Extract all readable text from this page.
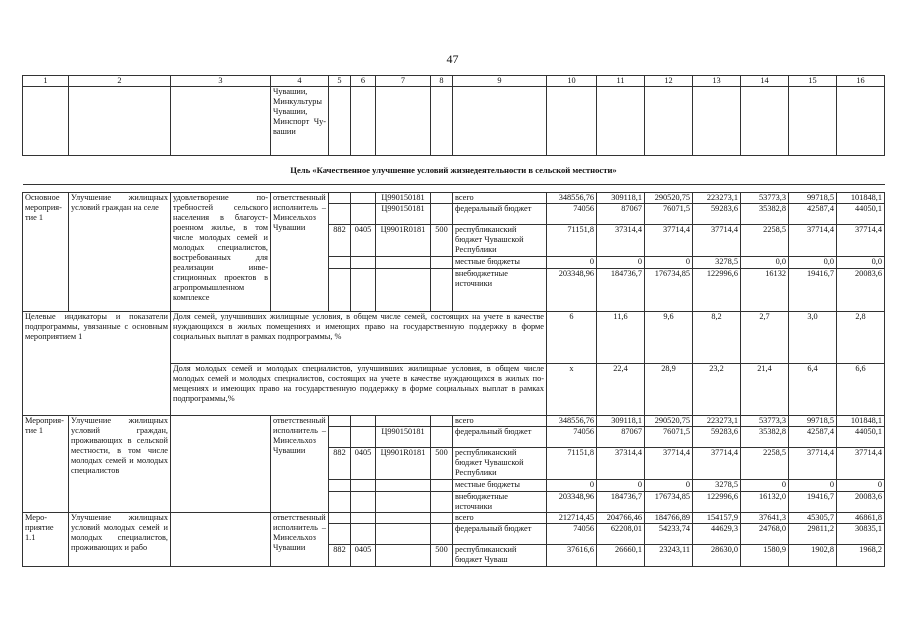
47
1	2	3	4	5	6	7	8	9	10	11	12	13	14	15	16
			Чувашии, Минкультуры Чувашии, Минспорт Чувашии												
Цель «Качественное улучшение условий жизнедеятельности в сельской местности»															

Основное мероприятие 1	Улучшение жилищных условий граждан на селе	удовлетворение потребностей сельского населения в благоустроенном жилье, в том числе молодых семей и молодых специалистов, востребованных для реализации инвестиционных проектов в агропромышленном комплексе	ответственный исполнитель – Минсельхоз Чувашии			Ц990150181		всего	348556,76	309118,1	290520,75	223273,1	53773,3	99718,5	101848,1
						Ц990150181		федеральный бюджет	74056	87067	76071,5	59283,6	35382,8	42587,4	44050,1
				882	0405	Ц9901R0181	500	республиканский бюджет Чувашской Республики	71151,8	37314,4	37714,4	37714,4	2258,5	37714,4	37714,4
								местные бюджеты	0	0	0	3278,5	0,0	0,0	0,0
								внебюджетные источники	203348,96	184736,7	176734,85	122996,6	16132	19416,7	20083,6
Целевые индикаторы и показатели подпрограммы, увязанные с основным мероприятием 1		Доля семей, улучшивших жилищные условия, в общем числе семей, состоящих на учете в качестве нуждающихся в жилых помещениях и имеющих право на государственную поддержку в форме социальных выплат в рамках подпрограммы, %							6	11,6	9,6	8,2	2,7	3,0	2,8
		Доля молодых семей и молодых специалистов, улучшивших жилищные условия, в общем числе молодых семей и молодых специалистов, состоящих на учете в качестве нуждающихся в жилых помещениях и имеющих право на государственную поддержку в форме социальных выплат в рамках подпрограммы,%							x	22,4	28,9	23,2	21,4	6,4	6,6
Мероприятие 1	Улучшение жилищных условий граждан, проживающих в сельской местности, в том числе молодых семей и молодых специалистов		ответственный исполнитель – Минсельхоз Чувашии					всего	348556,76	309118,1	290520,75	223273,1	53773,3	99718,5	101848,1
						Ц990150181		федеральный бюджет	74056	87067	76071,5	59283,6	35382,8	42587,4	44050,1
				882	0405	Ц9901R0181	500	республиканский бюджет Чувашской Республики	71151,8	37314,4	37714,4	37714,4	2258,5	37714,4	37714,4
								местные бюджеты	0	0	0	3278,5	0	0	0
								внебюджетные источники	203348,96	184736,7	176734,85	122996,6	16132,0	19416,7	20083,6
Мероприятие 1.1	Улучшение жилищных условий молодых семей и молодых специалистов, проживающих и рабо		ответственный исполнитель – Минсельхоз Чувашии					всего	212714,45	204766,46	184766,89	154157,9	37641,3	45305,7	46861,8
								федеральный бюджет	74056	62208,01	54233,74	44629,3	24768,0	29811,2	30835,1
				882	0405		500	республиканский бюджет Чуваш	37616,6	26660,1	23243,11	28630,0	1580,9	1902,8	1968,2
